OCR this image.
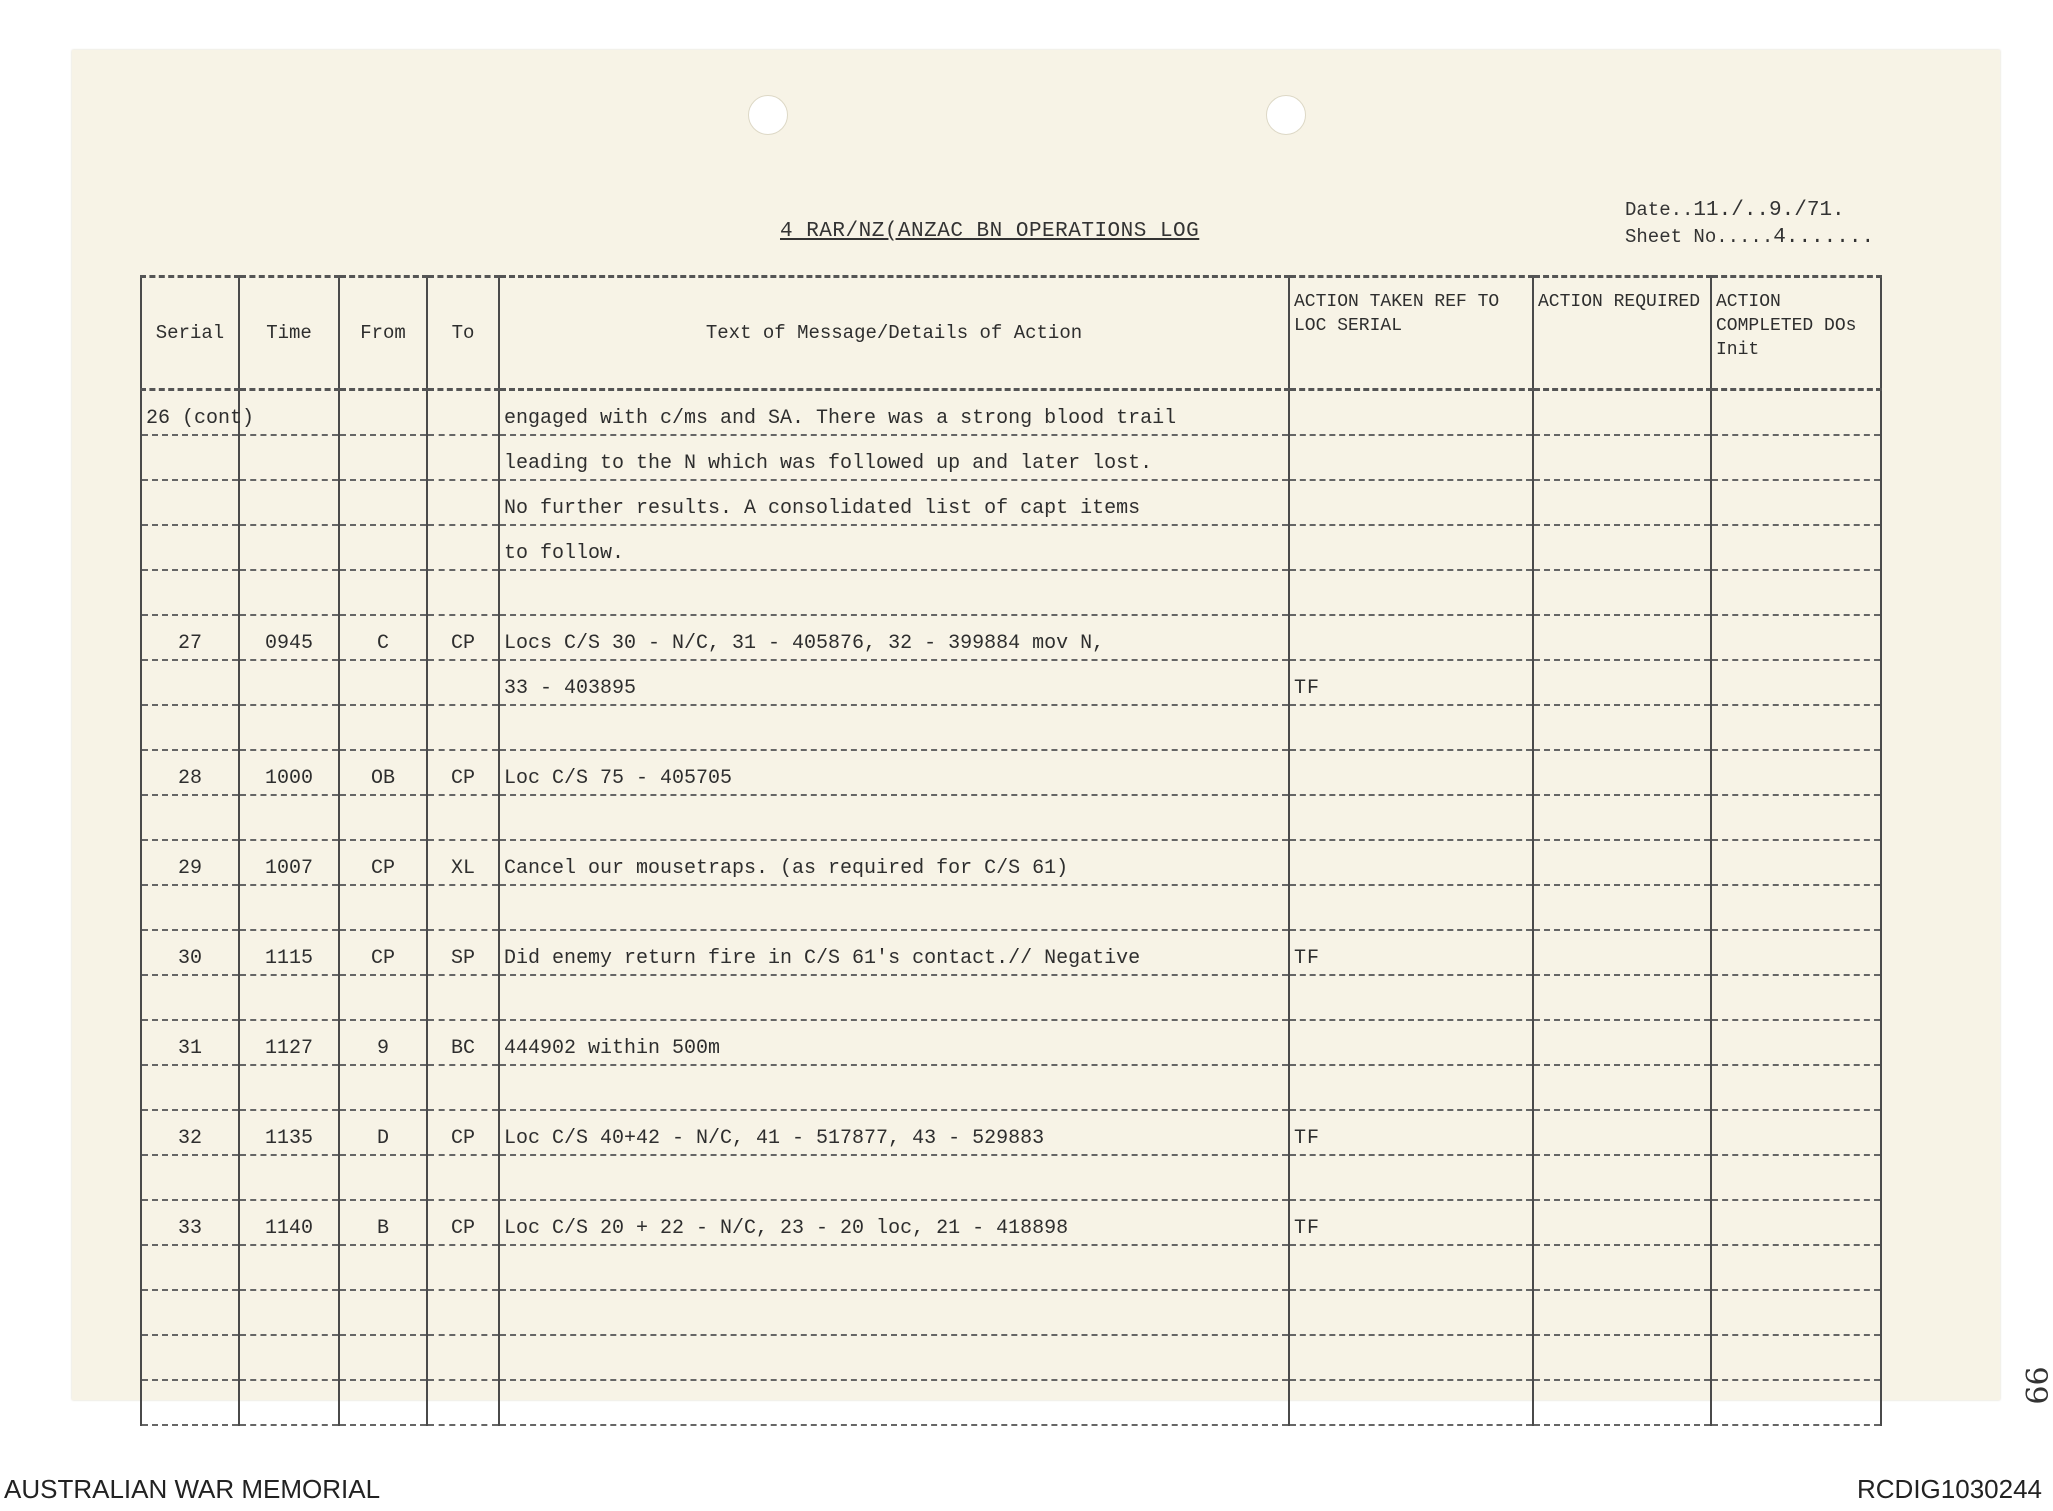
4 RAR/NZ(ANZAC BN OPERATIONS LOG
Date..11./..9./71.
Sheet No.....4.......
Serial	Time	From	To	Text of Message/Details of Action	ACTION TAKEN REF TO LOC SERIAL	ACTION REQUIRED	ACTION COMPLETED DOs Init
26 (cont)				engaged with c/ms and SA. There was a strong blood trail			
				leading to the N which was followed up and later lost.			
				No further results. A consolidated list of capt items			
				to follow.			

27	0945	C	CP	Locs C/S 30 - N/C, 31 - 405876, 32 - 399884 mov N,			
				33 - 403895	TF		

28	1000	OB	CP	Loc C/S 75 - 405705			

29	1007	CP	XL	Cancel our mousetraps. (as required for C/S 61)			

30	1115	CP	SP	Did enemy return fire in C/S 61's contact.// Negative	TF		

31	1127	9	BC	444902 within 500m			

32	1135	D	CP	Loc C/S 40+42 - N/C, 41 - 517877, 43 - 529883	TF		

33	1140	B	CP	Loc C/S 20 + 22 - N/C, 23 - 20 loc, 21 - 418898	TF		

99
AUSTRALIAN WAR MEMORIAL	RCDIG1030244
